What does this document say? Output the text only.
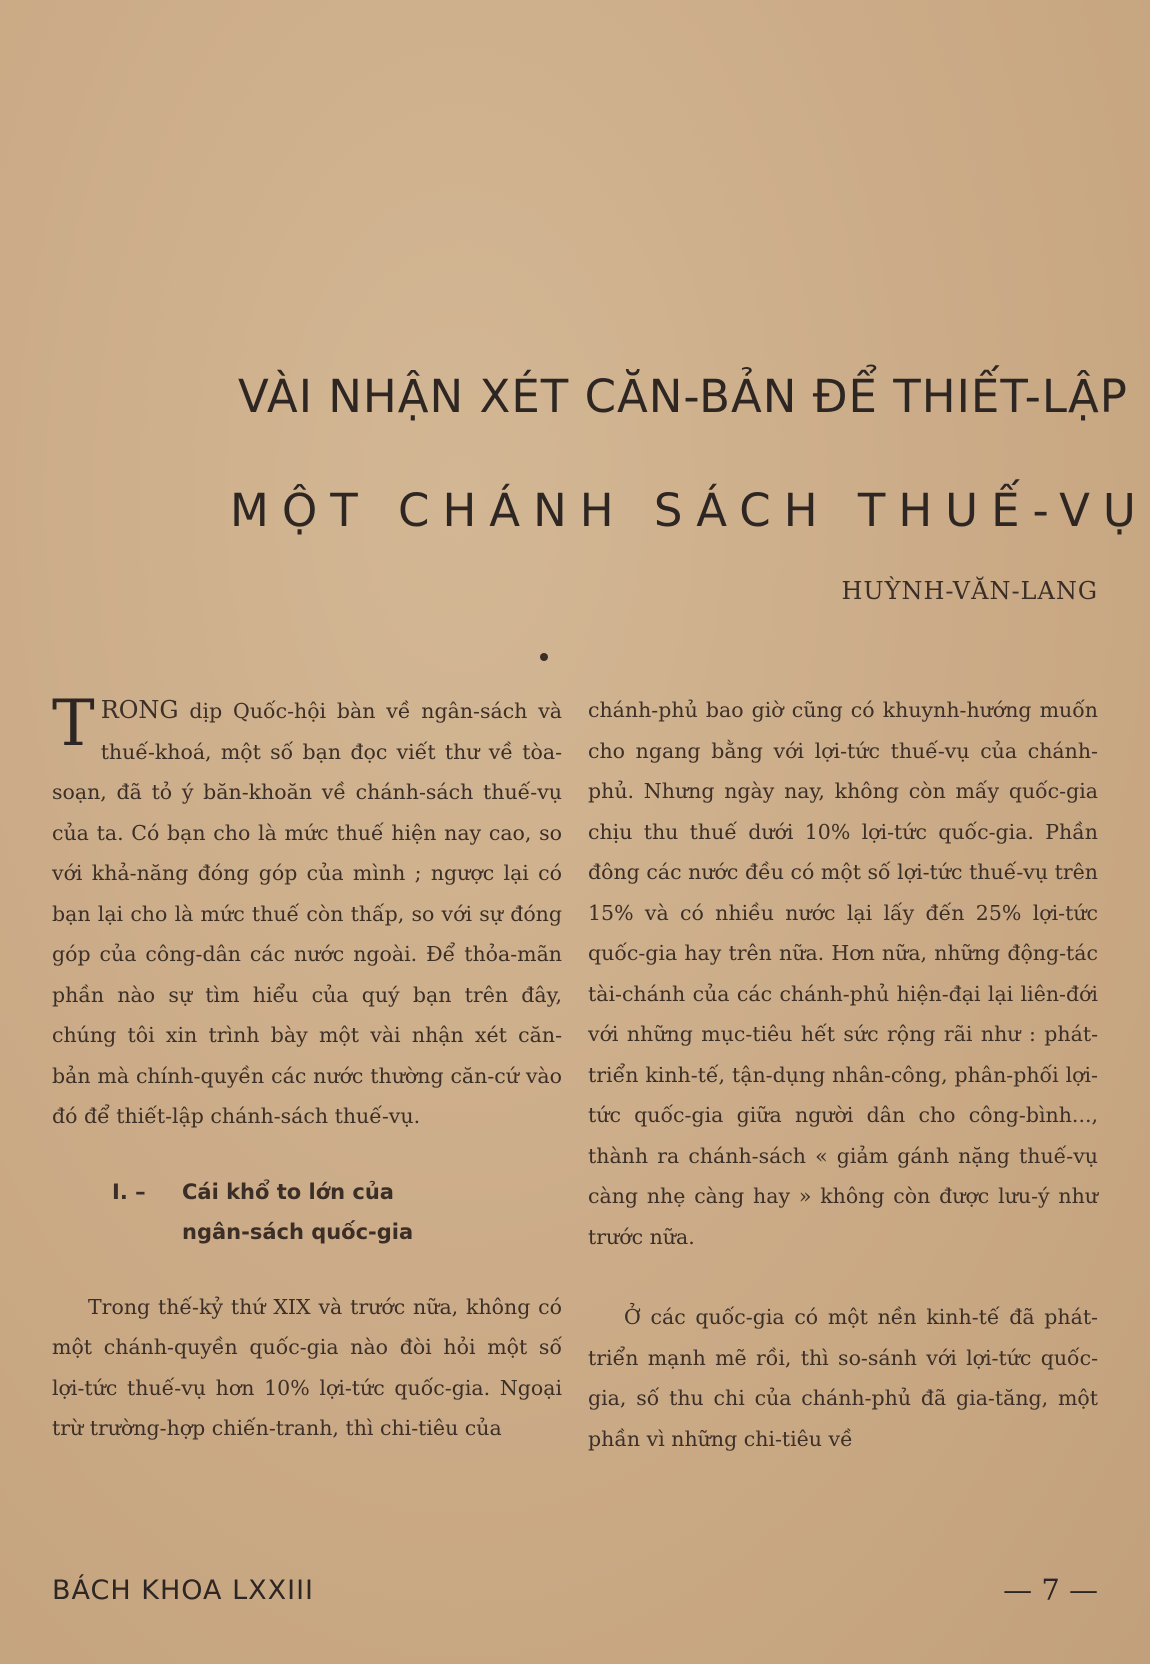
VÀI NHẬN XÉT CĂN-BẢN ĐỂ THIẾT-LẬP
MỘT CHÁNH SÁCH THUẾ-VỤ
HUỲNH-VĂN-LANG

TRONG dịp Quốc-hội bàn về ngân-sách và thuế-khoá, một số bạn đọc viết thư về tòa-soạn, đã tỏ ý băn-khoăn về chánh-sách thuế-vụ của ta. Có bạn cho là mức thuế hiện nay cao, so với khả-năng đóng góp của mình ; ngược lại có bạn lại cho là mức thuế còn thấp, so với sự đóng góp của công-dân các nước ngoài. Để thỏa-mãn phần nào sự tìm hiểu của quý bạn trên đây, chúng tôi xin trình bày một vài nhận xét căn- bản mà chính-quyền các nước thường căn-cứ vào đó để thiết-lập chánh-sách thuế-vụ.

I. – Cái khổ to lớn của
ngân-sách quốc-gia

Trong thế-kỷ thứ XIX và trước nữa, không có một chánh-quyền quốc-gia nào đòi hỏi một số lợi-tức thuế-vụ hơn 10% lợi-tức quốc-gia. Ngoại trừ trường-hợp chiến-tranh, thì chi-tiêu của

chánh-phủ bao giờ cũng có khuynh-hướng muốn cho ngang bằng với lợi-tức thuế-vụ của chánh-phủ. Nhưng ngày nay, không còn mấy quốc-gia chịu thu thuế dưới 10% lợi-tức quốc-gia. Phần đông các nước đều có một số lợi-tức thuế-vụ trên 15% và có nhiều nước lại lấy đến 25% lợi-tức quốc-gia hay trên nữa. Hơn nữa, những động-tác tài-chánh của các chánh-phủ hiện-đại lại liên-đới với những mục-tiêu hết sức rộng rãi như : phát-triển kinh-tế, tận-dụng nhân-công, phân-phối lợi-tức quốc-gia giữa người dân cho công-bình..., thành ra chánh-sách « giảm gánh nặng thuế-vụ càng nhẹ càng hay » không còn được lưu-ý như trước nữa.

Ở các quốc-gia có một nền kinh-tế đã phát-triển mạnh mẽ rồi, thì so-sánh với lợi-tức quốc-gia, số thu chi của chánh-phủ đã gia-tăng, một phần vì những chi-tiêu về

BÁCH KHOA LXXIII	— 7 —
